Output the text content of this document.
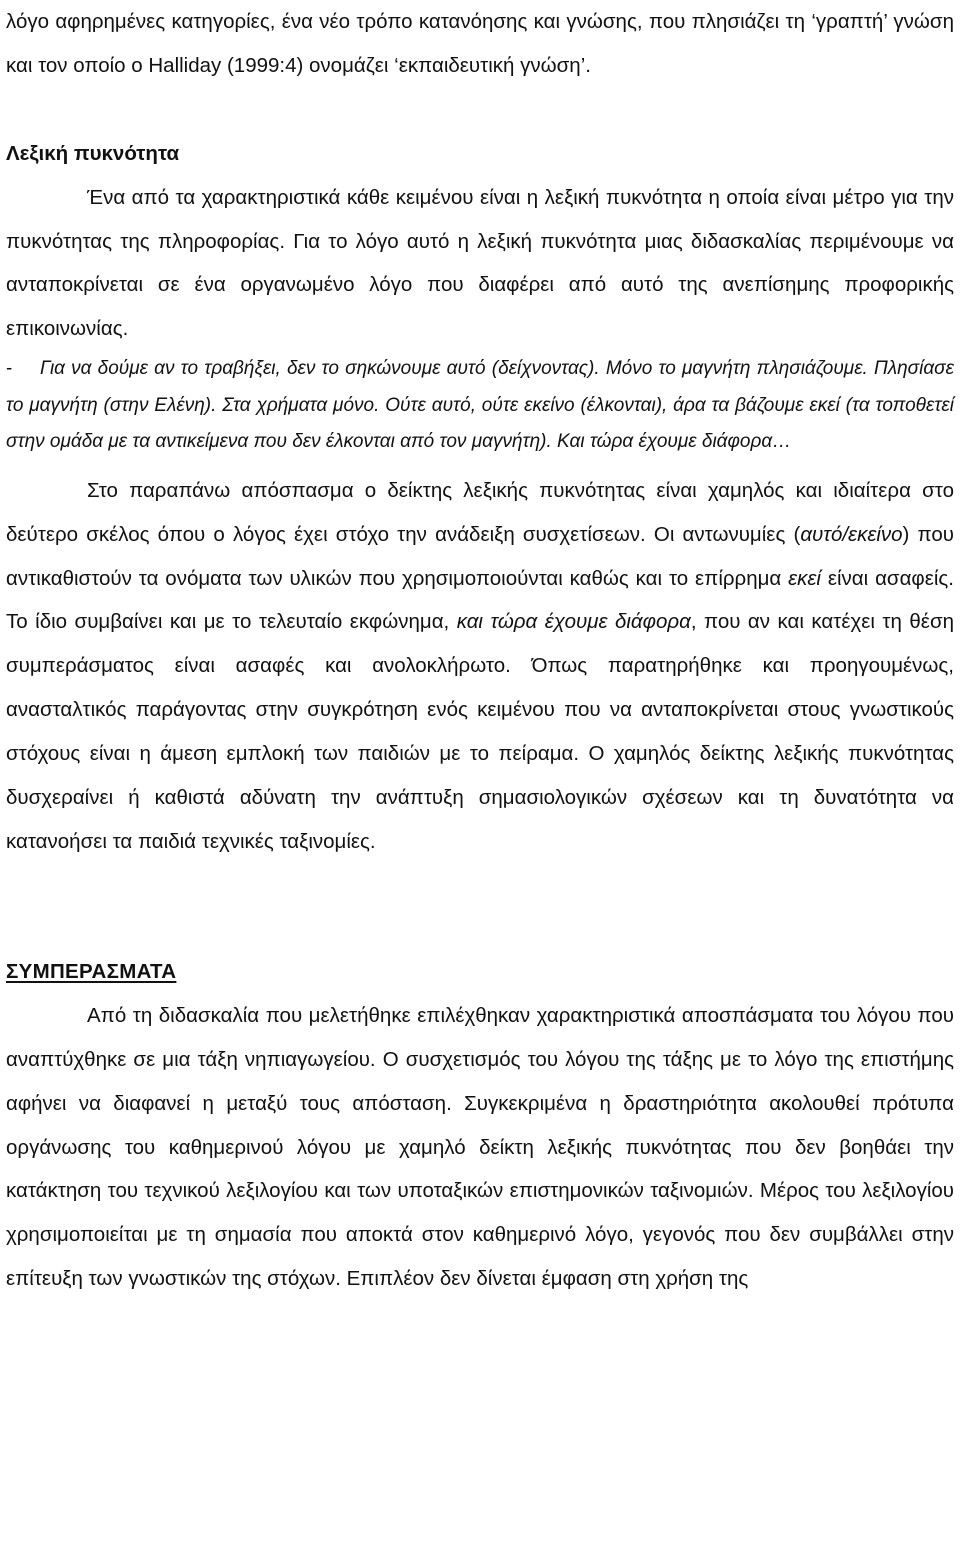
λόγο αφηρημένες κατηγορίες, ένα νέο τρόπο κατανόησης και γνώσης, που πλησιάζει τη ‘γραπτή’ γνώση και τον οποίο ο Halliday (1999:4) ονομάζει ‘εκπαιδευτική γνώση’.

Λεξική πυκνότητα

Ένα από τα χαρακτηριστικά κάθε κειμένου είναι η λεξική πυκνότητα η οποία είναι μέτρο για την πυκνότητας της πληροφορίας. Για το λόγο αυτό η λεξική πυκνότητα μιας διδασκαλίας περιμένουμε να ανταποκρίνεται σε ένα οργανωμένο λόγο που διαφέρει από αυτό της ανεπίσημης προφορικής επικοινωνίας.

- Για να δούμε αν το τραβήξει, δεν το σηκώνουμε αυτό (δείχνοντας). Μόνο το μαγνήτη πλησιάζουμε. Πλησίασε το μαγνήτη (στην Ελένη). Στα χρήματα μόνο. Ούτε αυτό, ούτε εκείνο (έλκονται), άρα τα βάζουμε εκεί (τα τοποθετεί στην ομάδα με τα αντικείμενα που δεν έλκονται από τον μαγνήτη). Και τώρα έχουμε διάφορα…

Στο παραπάνω απόσπασμα ο δείκτης λεξικής πυκνότητας είναι χαμηλός και ιδιαίτερα στο δεύτερο σκέλος όπου ο λόγος έχει στόχο την ανάδειξη συσχετίσεων. Οι αντωνυμίες (αυτό/εκείνο) που αντικαθιστούν τα ονόματα των υλικών που χρησιμοποιούνται καθώς και το επίρρημα εκεί είναι ασαφείς. Το ίδιο συμβαίνει και με το τελευταίο εκφώνημα, και τώρα έχουμε διάφορα, που αν και κατέχει τη θέση συμπεράσματος είναι ασαφές και ανολοκλήρωτο. Όπως παρατηρήθηκε και προηγουμένως, ανασταλτικός παράγοντας στην συγκρότηση ενός κειμένου που να ανταποκρίνεται στους γνωστικούς στόχους είναι η άμεση εμπλοκή των παιδιών με το πείραμα. Ο χαμηλός δείκτης λεξικής πυκνότητας δυσχεραίνει ή καθιστά αδύνατη την ανάπτυξη σημασιολογικών σχέσεων και τη δυνατότητα να κατανοήσει τα παιδιά τεχνικές ταξινομίες.

ΣΥΜΠΕΡΑΣΜΑΤΑ

Από τη διδασκαλία που μελετήθηκε επιλέχθηκαν χαρακτηριστικά αποσπάσματα του λόγου που αναπτύχθηκε σε μια τάξη νηπιαγωγείου. Ο συσχετισμός του λόγου της τάξης με το λόγο της επιστήμης αφήνει να διαφανεί η μεταξύ τους απόσταση. Συγκεκριμένα η δραστηριότητα ακολουθεί πρότυπα οργάνωσης του καθημερινού λόγου με χαμηλό δείκτη λεξικής πυκνότητας που δεν βοηθάει την κατάκτηση του τεχνικού λεξιλογίου και των υποταξικών επιστημονικών ταξινομιών. Μέρος του λεξιλογίου χρησιμοποιείται με τη σημασία που αποκτά στον καθημερινό λόγο, γεγονός που δεν συμβάλλει στην επίτευξη των γνωστικών της στόχων. Επιπλέον δεν δίνεται έμφαση στη χρήση της
